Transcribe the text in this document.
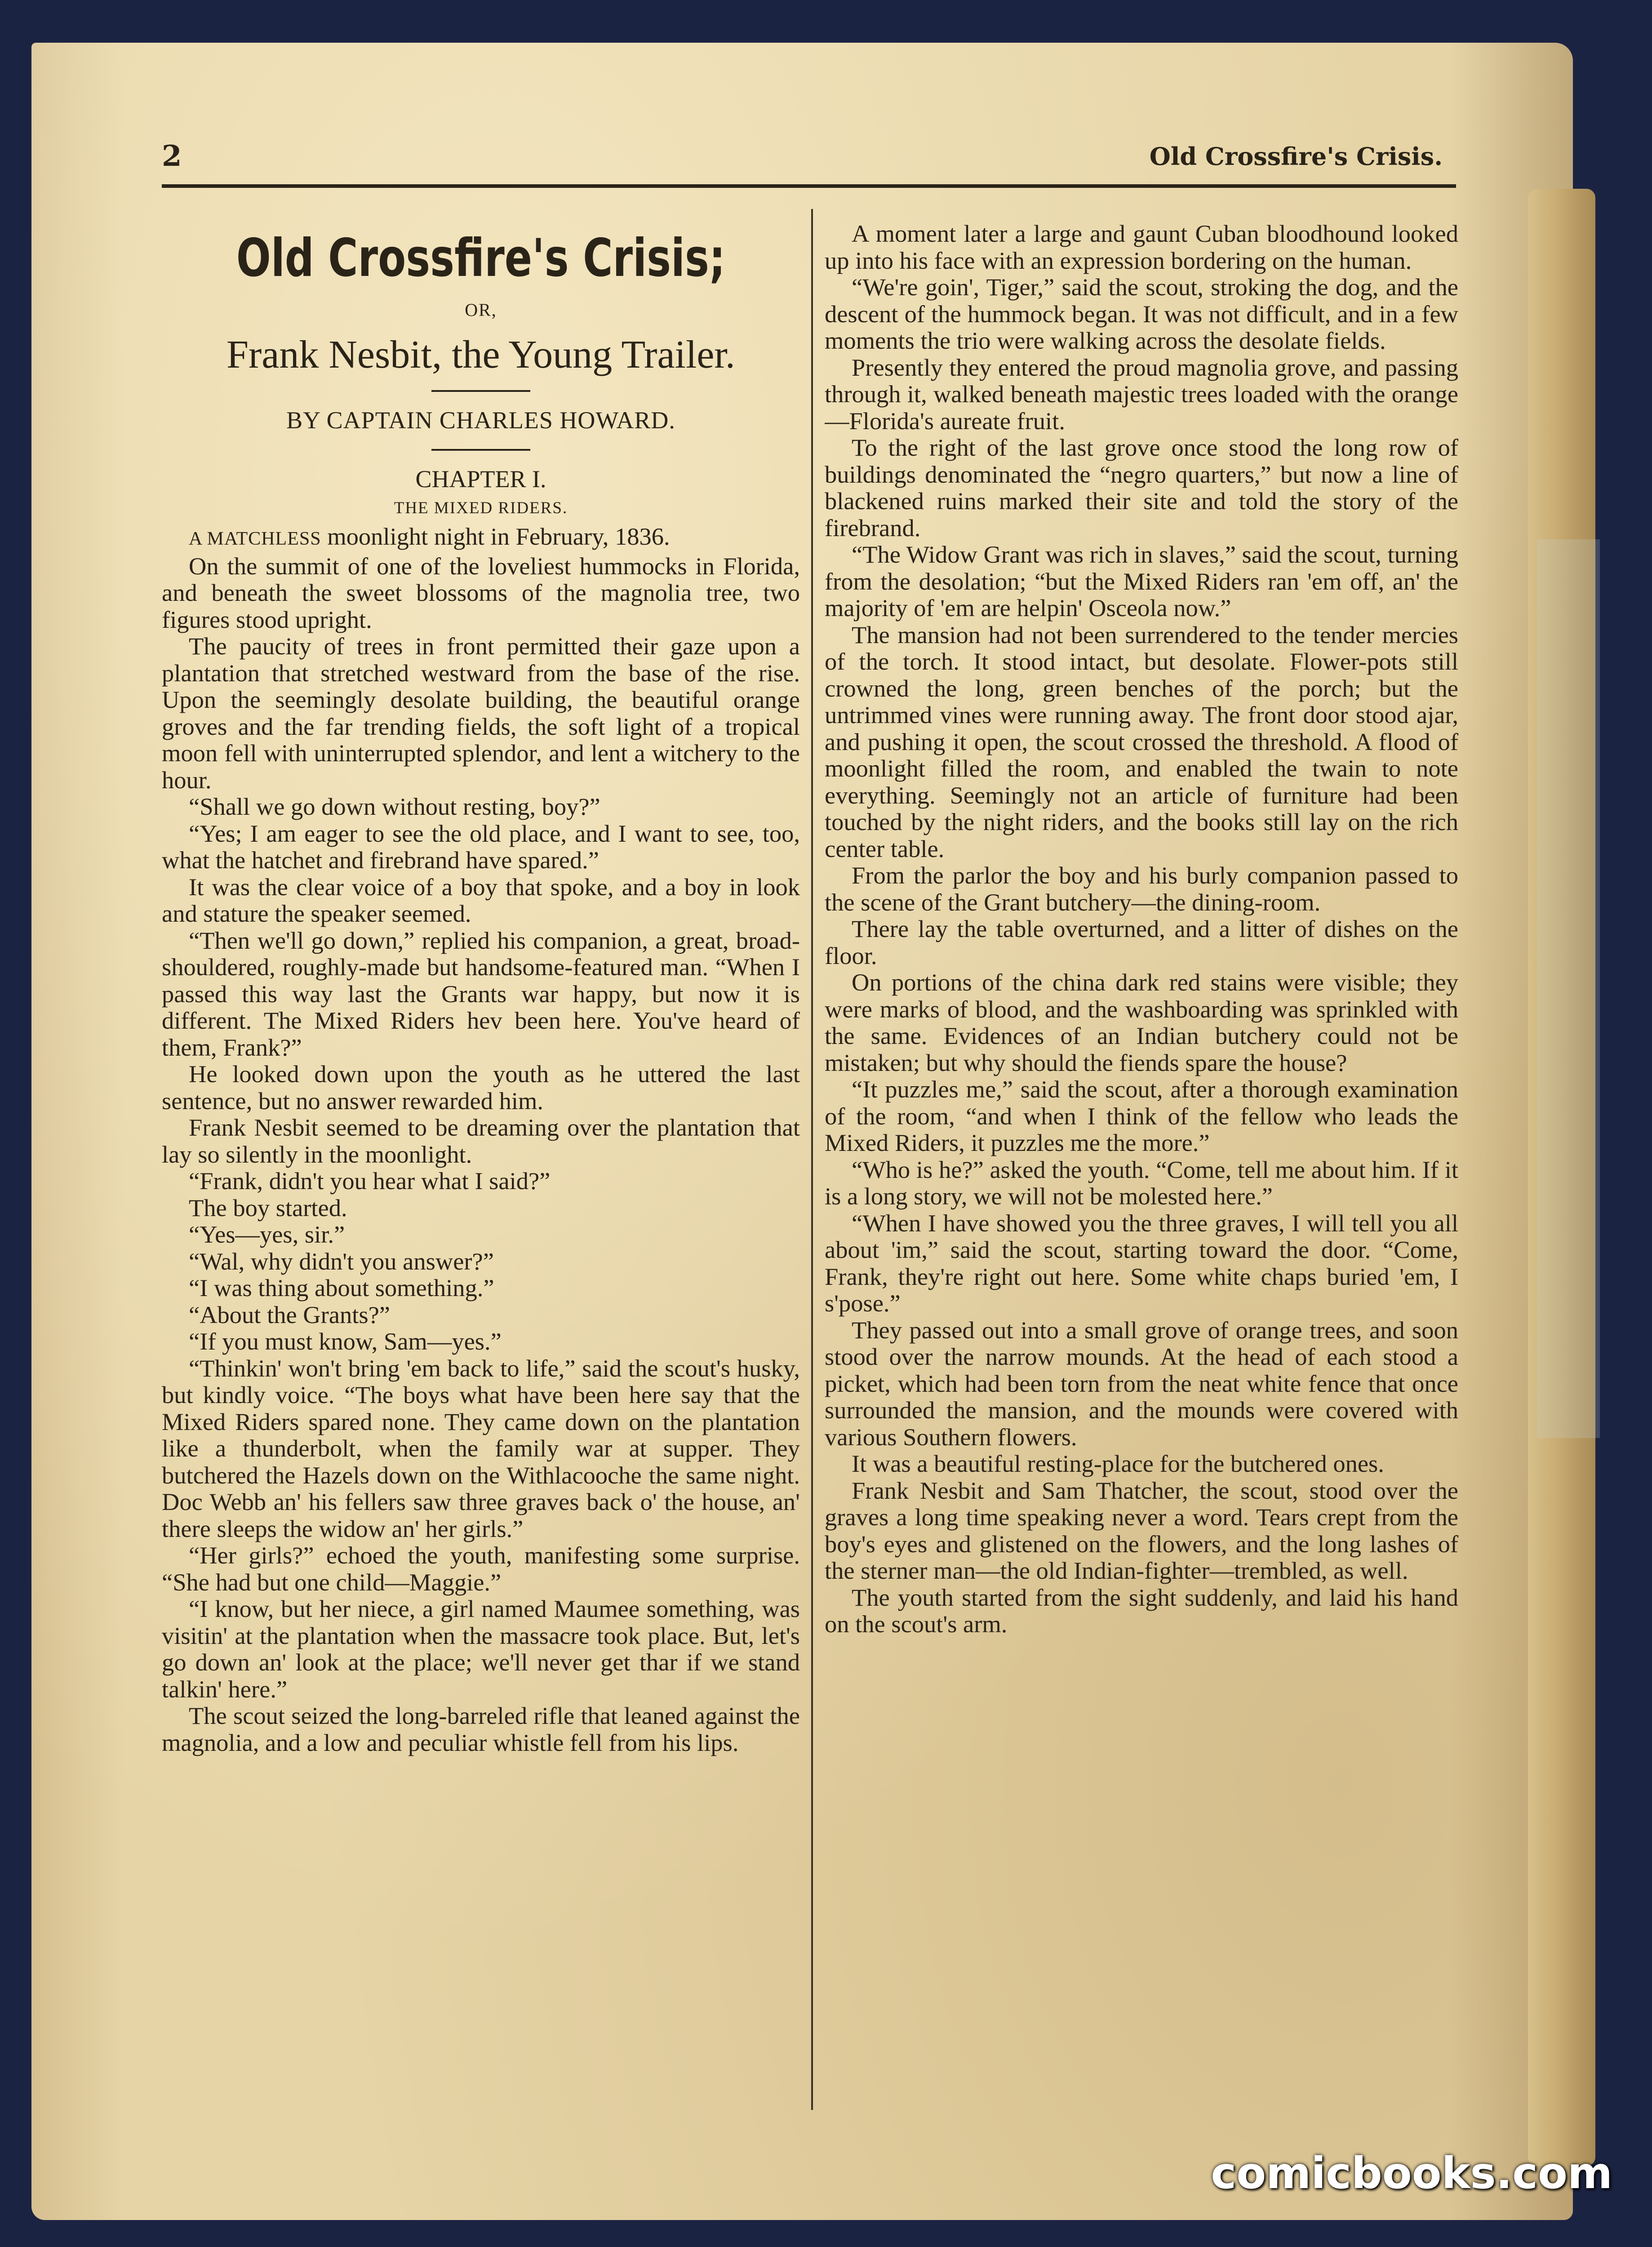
2	Old Crossfire's Crisis.
Old Crossfire's Crisis;
OR,
Frank Nesbit, the Young Trailer.
BY CAPTAIN CHARLES HOWARD.
CHAPTER I.
THE MIXED RIDERS.

A MATCHLESS moonlight night in February, 1836.

On the summit of one of the loveliest hummocks in Florida, and beneath the sweet blossoms of the magnolia tree, two figures stood upright.

The paucity of trees in front permitted their gaze upon a plantation that stretched westward from the base of the rise. Upon the seemingly desolate building, the beautiful orange groves and the far trending fields, the soft light of a tropical moon fell with uninterrupted splendor, and lent a witchery to the hour.

“Shall we go down without resting, boy?”

“Yes; I am eager to see the old place, and I want to see, too, what the hatchet and firebrand have spared.”

It was the clear voice of a boy that spoke, and a boy in look and stature the speaker seemed.

“Then we'll go down,” replied his companion, a great, broad-shouldered, roughly-made but handsome-featured man. “When I passed this way last the Grants war happy, but now it is different. The Mixed Riders hev been here. You've heard of them, Frank?”

He looked down upon the youth as he uttered the last sentence, but no answer rewarded him.

Frank Nesbit seemed to be dreaming over the plantation that lay so silently in the moonlight.

“Frank, didn't you hear what I said?”

The boy started.

“Yes—yes, sir.”

“Wal, why didn't you answer?”

“I was thing about something.”

“About the Grants?”

“If you must know, Sam—yes.”

“Thinkin' won't bring 'em back to life,” said the scout's husky, but kindly voice. “The boys what have been here say that the Mixed Riders spared none. They came down on the plantation like a thunderbolt, when the family war at supper. They butchered the Hazels down on the Withlacooche the same night. Doc Webb an' his fellers saw three graves back o' the house, an' there sleeps the widow an' her girls.”

“Her girls?” echoed the youth, manifesting some surprise. “She had but one child—Maggie.”

“I know, but her niece, a girl named Maumee something, was visitin' at the plantation when the massacre took place. But, let's go down an' look at the place; we'll never get thar if we stand talkin' here.”

The scout seized the long-barreled rifle that leaned against the magnolia, and a low and peculiar whistle fell from his lips.

A moment later a large and gaunt Cuban bloodhound looked up into his face with an expression bordering on the human.

“We're goin', Tiger,” said the scout, stroking the dog, and the descent of the hummock began. It was not difficult, and in a few moments the trio were walking across the desolate fields.

Presently they entered the proud magnolia grove, and passing through it, walked beneath majestic trees loaded with the orange—Florida's aureate fruit.

To the right of the last grove once stood the long row of buildings denominated the “negro quarters,” but now a line of blackened ruins marked their site and told the story of the firebrand.

“The Widow Grant was rich in slaves,” said the scout, turning from the desolation; “but the Mixed Riders ran 'em off, an' the majority of 'em are helpin' Osceola now.”

The mansion had not been surrendered to the tender mercies of the torch. It stood intact, but desolate. Flower-pots still crowned the long, green benches of the porch; but the untrimmed vines were running away. The front door stood ajar, and pushing it open, the scout crossed the threshold. A flood of moonlight filled the room, and enabled the twain to note everything. Seemingly not an article of furniture had been touched by the night riders, and the books still lay on the rich center table.

From the parlor the boy and his burly companion passed to the scene of the Grant butchery—the dining-room.

There lay the table overturned, and a litter of dishes on the floor.

On portions of the china dark red stains were visible; they were marks of blood, and the washboarding was sprinkled with the same. Evidences of an Indian butchery could not be mistaken; but why should the fiends spare the house?

“It puzzles me,” said the scout, after a thorough examination of the room, “and when I think of the fellow who leads the Mixed Riders, it puzzles me the more.”

“Who is he?” asked the youth. “Come, tell me about him. If it is a long story, we will not be molested here.”

“When I have showed you the three graves, I will tell you all about 'im,” said the scout, starting toward the door. “Come, Frank, they're right out here. Some white chaps buried 'em, I s'pose.”

They passed out into a small grove of orange trees, and soon stood over the narrow mounds. At the head of each stood a picket, which had been torn from the neat white fence that once surrounded the mansion, and the mounds were covered with various Southern flowers.

It was a beautiful resting-place for the butchered ones.

Frank Nesbit and Sam Thatcher, the scout, stood over the graves a long time speaking never a word. Tears crept from the boy's eyes and glistened on the flowers, and the long lashes of the sterner man—the old Indian-fighter—trembled, as well.

The youth started from the sight suddenly, and laid his hand on the scout's arm.

comicbooks.com
